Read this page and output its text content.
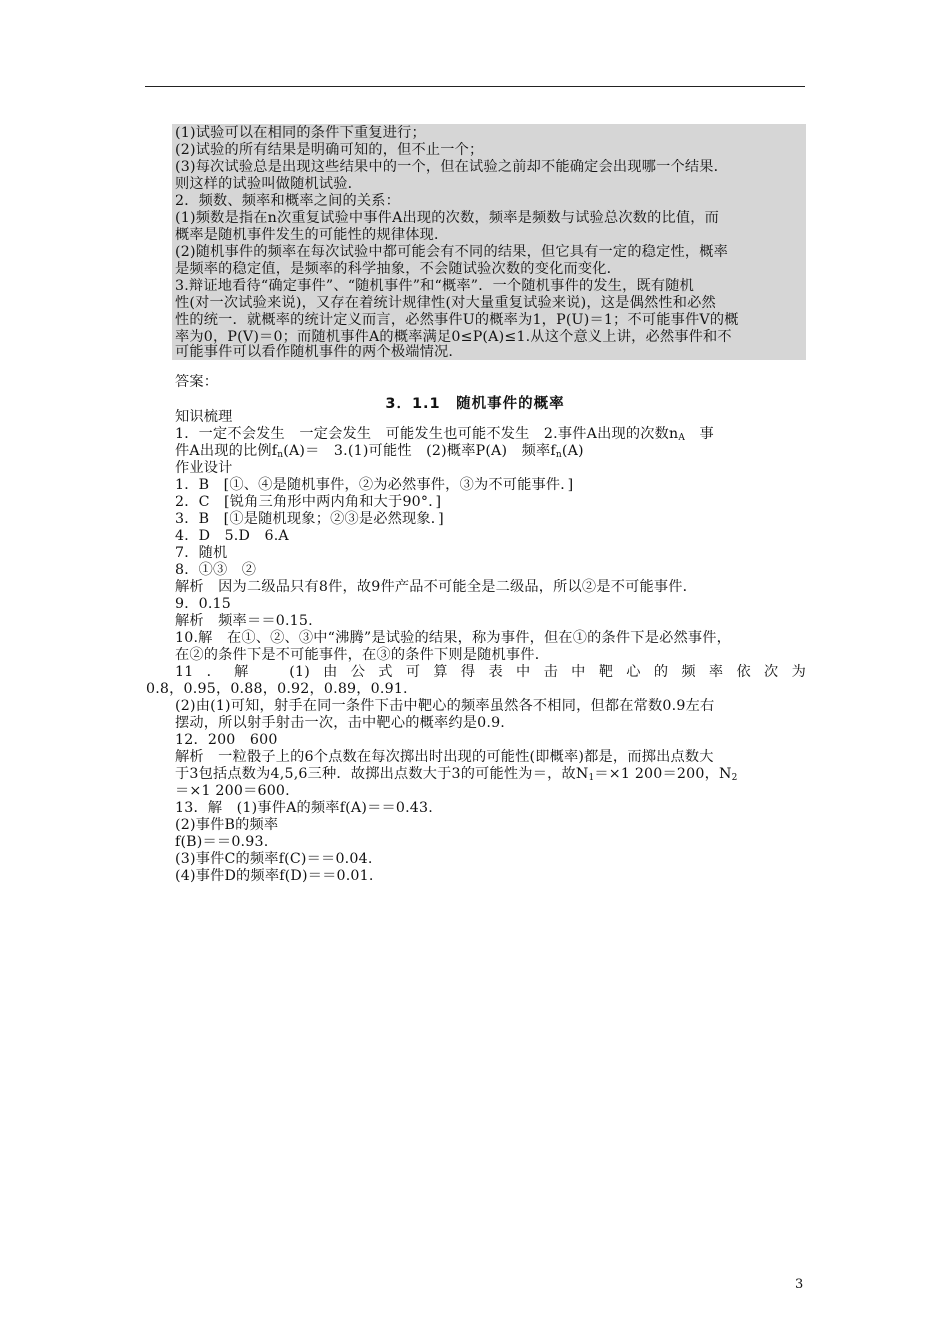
(1)试验可以在相同的条件下重复进行；
(2)试验的所有结果是明确可知的，但不止一个；
(3)每次试验总是出现这些结果中的一个，但在试验之前却不能确定会出现哪一个结果．
则这样的试验叫做随机试验．
2．频数、频率和概率之间的关系：
(1)频数是指在n次重复试验中事件A出现的次数，频率是频数与试验总次数的比值，而
概率是随机事件发生的可能性的规律体现．
(2)随机事件的频率在每次试验中都可能会有不同的结果，但它具有一定的稳定性，概率
是频率的稳定值，是频率的科学抽象，不会随试验次数的变化而变化．
3.辩证地看待“确定事件”、“随机事件”和“概率”．一个随机事件的发生，既有随机
性(对一次试验来说)，又存在着统计规律性(对大量重复试验来说)，这是偶然性和必然
性的统一．就概率的统计定义而言，必然事件U的概率为1，P(U)＝1；不可能事件V的概
率为0，P(V)＝0；而随机事件A的概率满足0≤P(A)≤1.从这个意义上讲，必然事件和不
可能事件可以看作随机事件的两个极端情况.
答案：
3．1.1　随机事件的概率
知识梳理
1．一定不会发生　一定会发生　可能发生也可能不发生　2.事件A出现的次数$n_A$　事
件A出现的比例$f_n(A)=$　3.(1)可能性　(2)概率P(A)　频率$f_n(A)$
作业设计
1．B　[①、④是随机事件，②为必然事件，③为不可能事件．]
2．C　[锐角三角形中两内角和大于90°．]
3．B　[①是随机现象；②③是必然现象．]
4．D　5.D　6.A
7．随机
8．①③　②
解析　因为二级品只有8件，故9件产品不可能全是二级品，所以②是不可能事件．
9．0.15
解析　频率＝＝0.15.
10.解　在①、②、③中“沸腾”是试验的结果，称为事件，但在①的条件下是必然事件，
在②的条件下是不可能事件，在③的条件下则是随机事件．
11．解　(1)由公式可算得表中击中靶心的频率依次为
0.8，0.95，0.88，0.92，0.89，0.91.
(2)由(1)可知，射手在同一条件下击中靶心的频率虽然各不相同，但都在常数0.9左右
摆动，所以射手射击一次，击中靶心的概率约是0.9.
12．200　600
解析　一粒骰子上的6个点数在每次掷出时出现的可能性(即概率)都是，而掷出点数大
于3包括点数为4,5,6三种．故掷出点数大于3的可能性为＝，故$N_1=\times 1$ 200＝200，$N_2$
＝×1 200＝600.
13．解　(1)事件A的频率f(A)＝＝0.43.
(2)事件B的频率
f(B)＝＝0.93.
(3)事件C的频率f(C)＝＝0.04.
(4)事件D的频率f(D)＝＝0.01.
3
